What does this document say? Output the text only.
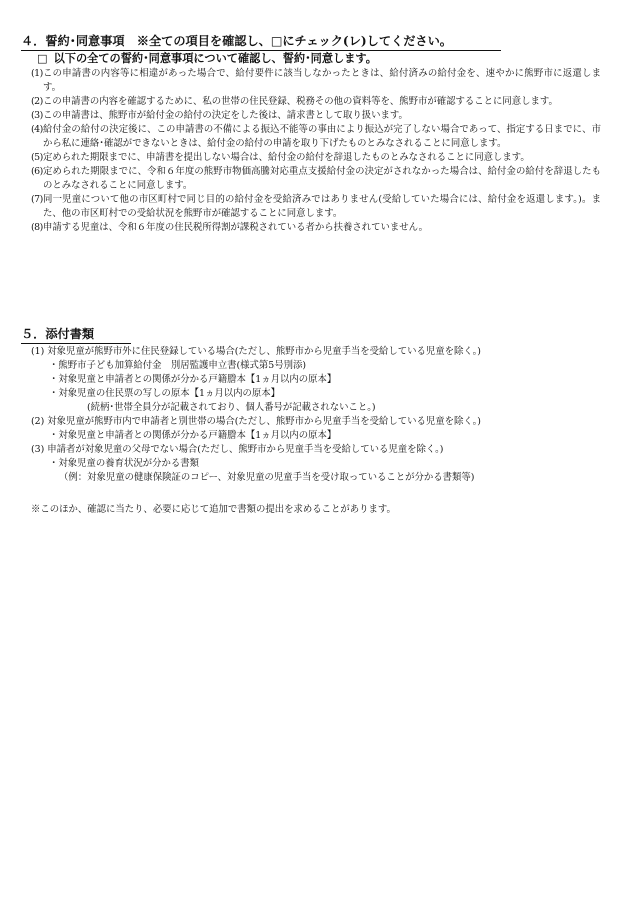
４．誓約･同意事項　※全ての項目を確認し、□にチェック(レ)してください。
□ 以下の全ての誓約･同意事項について確認し、誓約･同意します。
(1) この申請書の内容等に相違があった場合で、給付要件に該当しなかったときは、給付済みの給付金を、速やかに熊野市に返還します。
(2) この申請書の内容を確認するために、私の世帯の住民登録、税務その他の資料等を、熊野市が確認することに同意します。
(3) この申請書は、熊野市が給付金の給付の決定をした後は、請求書として取り扱います。
(4) 給付金の給付の決定後に、この申請書の不備による振込不能等の事由により振込が完了しない場合であって、指定する日までに、市から私に連絡･確認ができないときは、給付金の給付の申請を取り下げたものとみなされることに同意します。
(5) 定められた期限までに、申請書を提出しない場合は、給付金の給付を辞退したものとみなされることに同意します。
(6) 定められた期限までに、令和６年度の熊野市物価高騰対応重点支援給付金の決定がされなかった場合は、給付金の給付を辞退したものとみなされることに同意します。
(7) 同一児童について他の市区町村で同じ目的の給付金を受給済みではありません(受給していた場合には、給付金を返還します。)。また、他の市区町村での受給状況を熊野市が確認することに同意します。
(8) 申請する児童は、令和６年度の住民税所得割が課税されている者から扶養されていません。
５．添付書類
(1) 対象児童が熊野市外に住民登録している場合(ただし、熊野市から児童手当を受給している児童を除く。)
・熊野市子ども加算給付金　別居監護申立書(様式第5号別添)
・対象児童と申請者との関係が分かる戸籍謄本【1ヵ月以内の原本】
・対象児童の住民票の写しの原本【1ヵ月以内の原本】
(続柄･世帯全員分が記載されており、個人番号が記載されないこと。)
(2) 対象児童が熊野市内で申請者と別世帯の場合(ただし、熊野市から児童手当を受給している児童を除く。)
・対象児童と申請者との関係が分かる戸籍謄本【1ヵ月以内の原本】
(3) 申請者が対象児童の父母でない場合(ただし、熊野市から児童手当を受給している児童を除く。)
・対象児童の養育状況が分かる書類
（例：対象児童の健康保険証のコピー、対象児童の児童手当を受け取っていることが分かる書類等)
※このほか、確認に当たり、必要に応じて追加で書類の提出を求めることがあります。
